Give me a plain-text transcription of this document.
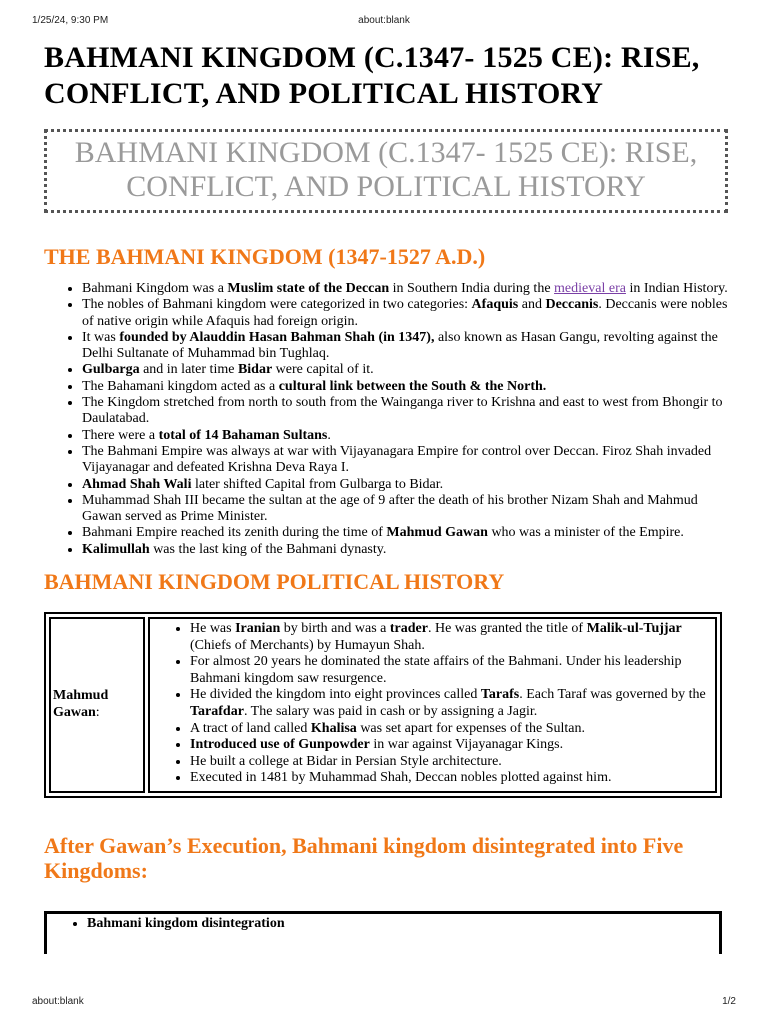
1/25/24, 9:30 PM	about:blank
BAHMANI KINGDOM (C.1347- 1525 CE): RISE, CONFLICT, AND POLITICAL HISTORY
BAHMANI KINGDOM (C.1347- 1525 CE): RISE, CONFLICT, AND POLITICAL HISTORY
THE BAHMANI KINGDOM (1347-1527 A.D.)
• Bahmani Kingdom was a Muslim state of the Deccan in Southern India during the medieval era in Indian History.
• The nobles of Bahmani kingdom were categorized in two categories: Afaquis and Deccanis. Deccanis were nobles of native origin while Afaquis had foreign origin.
• It was founded by Alauddin Hasan Bahman Shah (in 1347), also known as Hasan Gangu, revolting against the Delhi Sultanate of Muhammad bin Tughlaq.
• Gulbarga and in later time Bidar were capital of it.
• The Bahamani kingdom acted as a cultural link between the South & the North.
• The Kingdom stretched from north to south from the Wainganga river to Krishna and east to west from Bhongir to Daulatabad.
• There were a total of 14 Bahaman Sultans.
• The Bahmani Empire was always at war with Vijayanagara Empire for control over Deccan. Firoz Shah invaded Vijayanagar and defeated Krishna Deva Raya I.
• Ahmad Shah Wali later shifted Capital from Gulbarga to Bidar.
• Muhammad Shah III became the sultan at the age of 9 after the death of his brother Nizam Shah and Mahmud Gawan served as Prime Minister.
• Bahmani Empire reached its zenith during the time of Mahmud Gawan who was a minister of the Empire.
• Kalimullah was the last king of the Bahmani dynasty.
BAHMANI KINGDOM POLITICAL HISTORY
Mahmud Gawan:	
• He was Iranian by birth and was a trader. He was granted the title of Malik-ul-Tujjar (Chiefs of Merchants) by Humayun Shah.
• For almost 20 years he dominated the state affairs of the Bahmani. Under his leadership Bahmani kingdom saw resurgence.
• He divided the kingdom into eight provinces called Tarafs. Each Taraf was governed by the Tarafdar. The salary was paid in cash or by assigning a Jagir.
• A tract of land called Khalisa was set apart for expenses of the Sultan.
• Introduced use of Gunpowder in war against Vijayanagar Kings.
• He built a college at Bidar in Persian Style architecture.
• Executed in 1481 by Muhammad Shah, Deccan nobles plotted against him.
After Gawan’s Execution, Bahmani kingdom disintegrated into Five Kingdoms:
• Bahmani kingdom disintegration
about:blank	1/2
